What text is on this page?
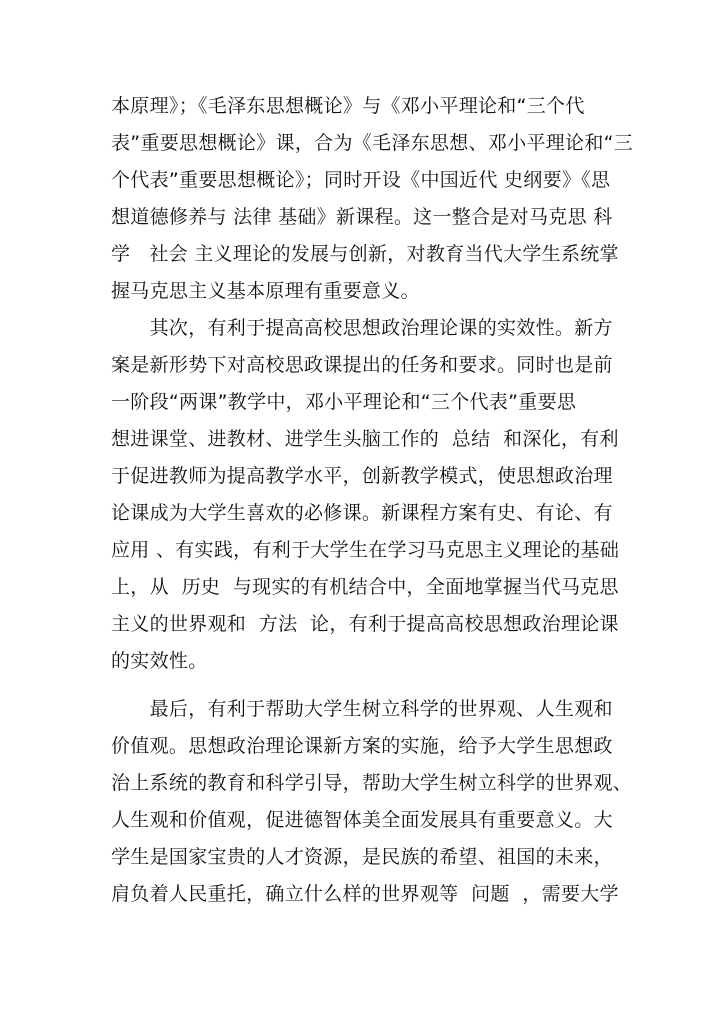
本原理》；《毛泽东思想概论》与《邓小平理论和“三个代
表”重要思想概论》课，合为《毛泽东思想、邓小平理论和“三
个代表”重要思想概论》；同时开设《中国近代 史纲要》《思
想道德修养与 法律 基础》新课程。这一整合是对马克思 科
学   社会 主义理论的发展与创新，对教育当代大学生系统掌
握马克思主义基本原理有重要意义。
　　其次，有利于提高高校思想政治理论课的实效性。新方
案是新形势下对高校思政课提出的任务和要求。同时也是前
一阶段“两课”教学中，邓小平理论和“三个代表”重要思
想进课堂、进教材、进学生头脑工作的  总结  和深化，有利
于促进教师为提高教学水平，创新教学模式，使思想政治理
论课成为大学生喜欢的必修课。新课程方案有史、有论、有
应用 、有实践，有利于大学生在学习马克思主义理论的基础
上，从  历史  与现实的有机结合中，全面地掌握当代马克思
主义的世界观和  方法  论，有利于提高高校思想政治理论课
的实效性。
　　最后，有利于帮助大学生树立科学的世界观、人生观和
价值观。思想政治理论课新方案的实施，给予大学生思想政
治上系统的教育和科学引导，帮助大学生树立科学的世界观、
人生观和价值观，促进德智体美全面发展具有重要意义。大
学生是国家宝贵的人才资源，是民族的希望、祖国的未来，
肩负着人民重托，确立什么样的世界观等  问题  ，需要大学
